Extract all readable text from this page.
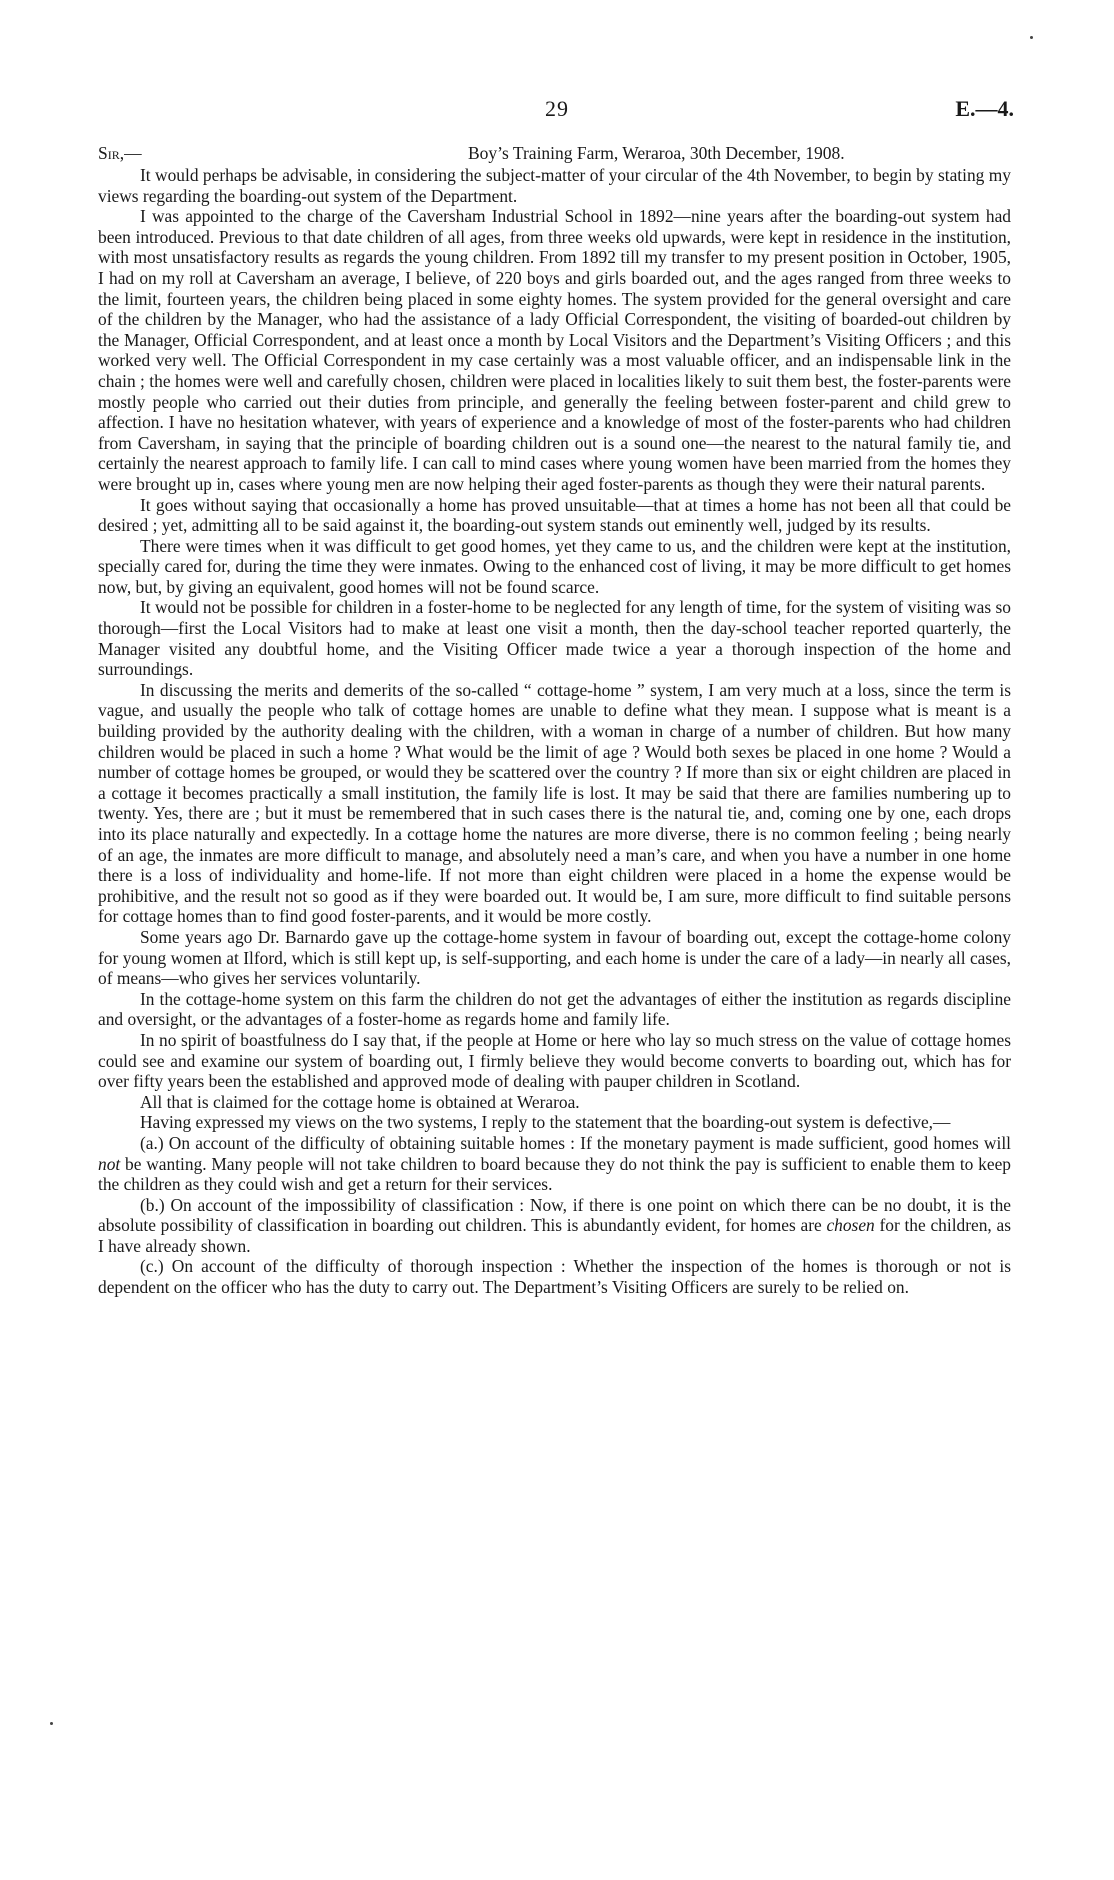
29	E.—4.
Sir,—	Boy’s Training Farm, Weraroa, 30th December, 1908.

It would perhaps be advisable, in considering the subject-matter of your circular of the 4th November, to begin by stating my views regarding the boarding-out system of the Department.

I was appointed to the charge of the Caversham Industrial School in 1892—nine years after the boarding-out system had been introduced. Previous to that date children of all ages, from three weeks old upwards, were kept in residence in the institution, with most unsatisfactory results as regards the young children. From 1892 till my transfer to my present position in October, 1905, I had on my roll at Caversham an average, I believe, of 220 boys and girls boarded out, and the ages ranged from three weeks to the limit, fourteen years, the children being placed in some eighty homes. The system provided for the general oversight and care of the children by the Manager, who had the assistance of a lady Official Correspondent, the visiting of boarded-out children by the Manager, Official Correspondent, and at least once a month by Local Visitors and the Department’s Visiting Officers ; and this worked very well. The Official Correspondent in my case certainly was a most valuable officer, and an indispensable link in the chain ; the homes were well and carefully chosen, children were placed in localities likely to suit them best, the foster-parents were mostly people who carried out their duties from principle, and generally the feeling between foster-parent and child grew to affection. I have no hesitation whatever, with years of experience and a knowledge of most of the foster-parents who had children from Caversham, in saying that the principle of boarding children out is a sound one—the nearest to the natural family tie, and certainly the nearest approach to family life. I can call to mind cases where young women have been married from the homes they were brought up in, cases where young men are now helping their aged foster-parents as though they were their natural parents.

It goes without saying that occasionally a home has proved unsuitable—that at times a home has not been all that could be desired ; yet, admitting all to be said against it, the boarding-out system stands out eminently well, judged by its results.

There were times when it was difficult to get good homes, yet they came to us, and the children were kept at the institution, specially cared for, during the time they were inmates. Owing to the enhanced cost of living, it may be more difficult to get homes now, but, by giving an equivalent, good homes will not be found scarce.

It would not be possible for children in a foster-home to be neglected for any length of time, for the system of visiting was so thorough—first the Local Visitors had to make at least one visit a month, then the day-school teacher reported quarterly, the Manager visited any doubtful home, and the Visiting Officer made twice a year a thorough inspection of the home and surroundings.

In discussing the merits and demerits of the so-called “ cottage-home ” system, I am very much at a loss, since the term is vague, and usually the people who talk of cottage homes are unable to define what they mean. I suppose what is meant is a building provided by the authority dealing with the children, with a woman in charge of a number of children. But how many children would be placed in such a home ? What would be the limit of age ? Would both sexes be placed in one home ? Would a number of cottage homes be grouped, or would they be scattered over the country ? If more than six or eight children are placed in a cottage it becomes practically a small institution, the family life is lost. It may be said that there are families numbering up to twenty. Yes, there are ; but it must be remembered that in such cases there is the natural tie, and, coming one by one, each drops into its place naturally and expectedly. In a cottage home the natures are more diverse, there is no common feeling ; being nearly of an age, the inmates are more difficult to manage, and absolutely need a man’s care, and when you have a number in one home there is a loss of individuality and home-life. If not more than eight children were placed in a home the expense would be prohibitive, and the result not so good as if they were boarded out. It would be, I am sure, more difficult to find suitable persons for cottage homes than to find good foster-parents, and it would be more costly.

Some years ago Dr. Barnardo gave up the cottage-home system in favour of boarding out, except the cottage-home colony for young women at Ilford, which is still kept up, is self-supporting, and each home is under the care of a lady—in nearly all cases, of means—who gives her services voluntarily.

In the cottage-home system on this farm the children do not get the advantages of either the institution as regards discipline and oversight, or the advantages of a foster-home as regards home and family life.

In no spirit of boastfulness do I say that, if the people at Home or here who lay so much stress on the value of cottage homes could see and examine our system of boarding out, I firmly believe they would become converts to boarding out, which has for over fifty years been the established and approved mode of dealing with pauper children in Scotland.

All that is claimed for the cottage home is obtained at Weraroa.

Having expressed my views on the two systems, I reply to the statement that the boarding-out system is defective,—

(a.) On account of the difficulty of obtaining suitable homes : If the monetary payment is made sufficient, good homes will not be wanting. Many people will not take children to board because they do not think the pay is sufficient to enable them to keep the children as they could wish and get a return for their services.

(b.) On account of the impossibility of classification : Now, if there is one point on which there can be no doubt, it is the absolute possibility of classification in boarding out children. This is abundantly evident, for homes are chosen for the children, as I have already shown.

(c.) On account of the difficulty of thorough inspection : Whether the inspection of the homes is thorough or not is dependent on the officer who has the duty to carry out. The Department’s Visiting Officers are surely to be relied on.
